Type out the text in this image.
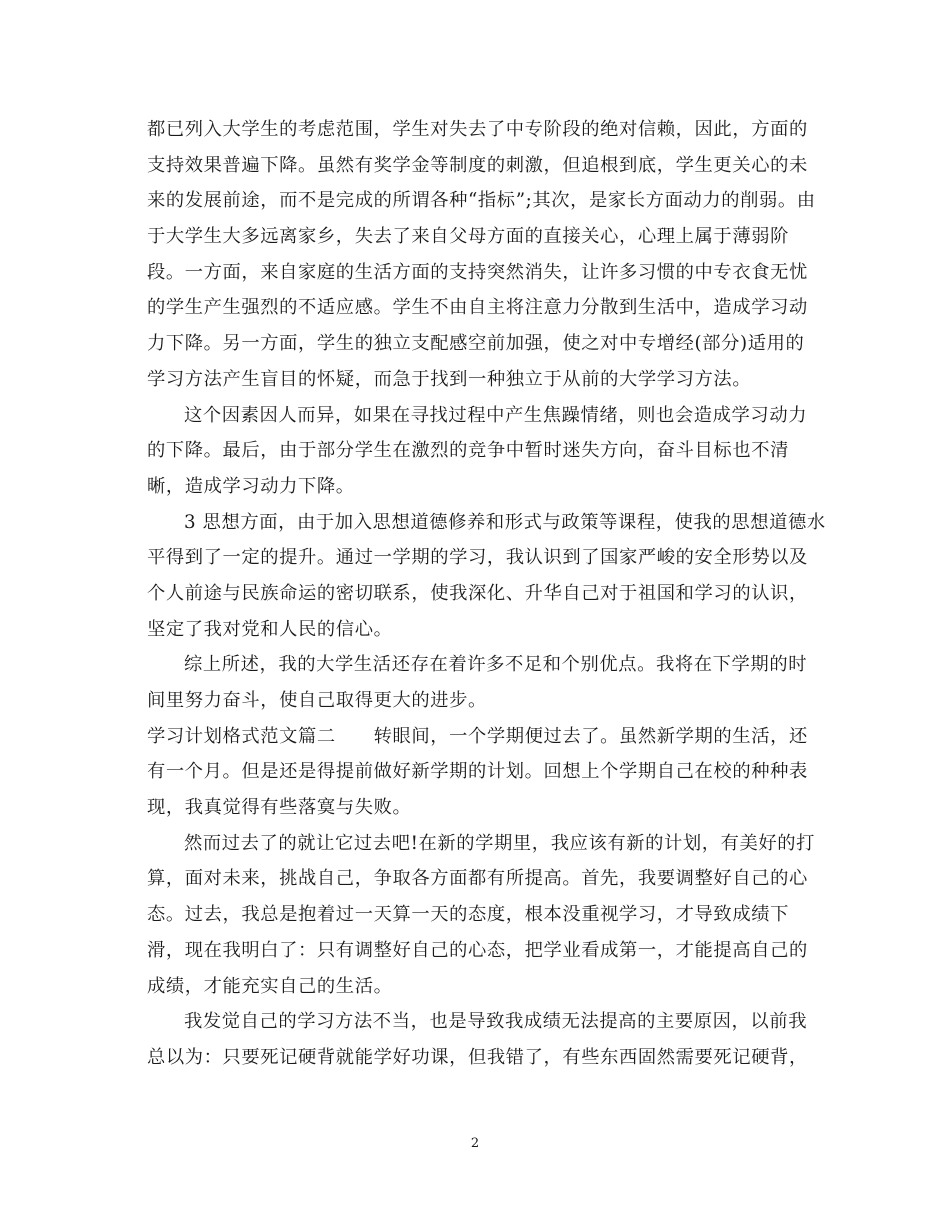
都已列入大学生的考虑范围，学生对失去了中专阶段的绝对信赖，因此，方面的
支持效果普遍下降。虽然有奖学金等制度的刺激，但追根到底，学生更关心的未
来的发展前途，而不是完成的所谓各种“指标”;其次，是家长方面动力的削弱。由
于大学生大多远离家乡，失去了来自父母方面的直接关心，心理上属于薄弱阶
段。一方面，来自家庭的生活方面的支持突然消失，让许多习惯的中专衣食无忧
的学生产生强烈的不适应感。学生不由自主将注意力分散到生活中，造成学习动
力下降。另一方面，学生的独立支配感空前加强，使之对中专增经(部分)适用的
学习方法产生盲目的怀疑，而急于找到一种独立于从前的大学学习方法。
这个因素因人而异，如果在寻找过程中产生焦躁情绪，则也会造成学习动力
的下降。最后，由于部分学生在激烈的竞争中暂时迷失方向，奋斗目标也不清
晰，造成学习动力下降。
3 思想方面，由于加入思想道德修养和形式与政策等课程，使我的思想道德水
平得到了一定的提升。通过一学期的学习，我认识到了国家严峻的安全形势以及
个人前途与民族命运的密切联系，使我深化、升华自己对于祖国和学习的认识，
坚定了我对党和人民的信心。
综上所述，我的大学生活还存在着许多不足和个别优点。我将在下学期的时
间里努力奋斗，使自己取得更大的进步。
学习计划格式范文篇二　　转眼间，一个学期便过去了。虽然新学期的生活，还
有一个月。但是还是得提前做好新学期的计划。回想上个学期自己在校的种种表
现，我真觉得有些落寞与失败。
然而过去了的就让它过去吧!在新的学期里，我应该有新的计划，有美好的打
算，面对未来，挑战自己，争取各方面都有所提高。首先，我要调整好自己的心
态。过去，我总是抱着过一天算一天的态度，根本没重视学习，才导致成绩下
滑，现在我明白了：只有调整好自己的心态，把学业看成第一，才能提高自己的
成绩，才能充实自己的生活。
我发觉自己的学习方法不当，也是导致我成绩无法提高的主要原因，以前我
总以为：只要死记硬背就能学好功课，但我错了，有些东西固然需要死记硬背，
2
